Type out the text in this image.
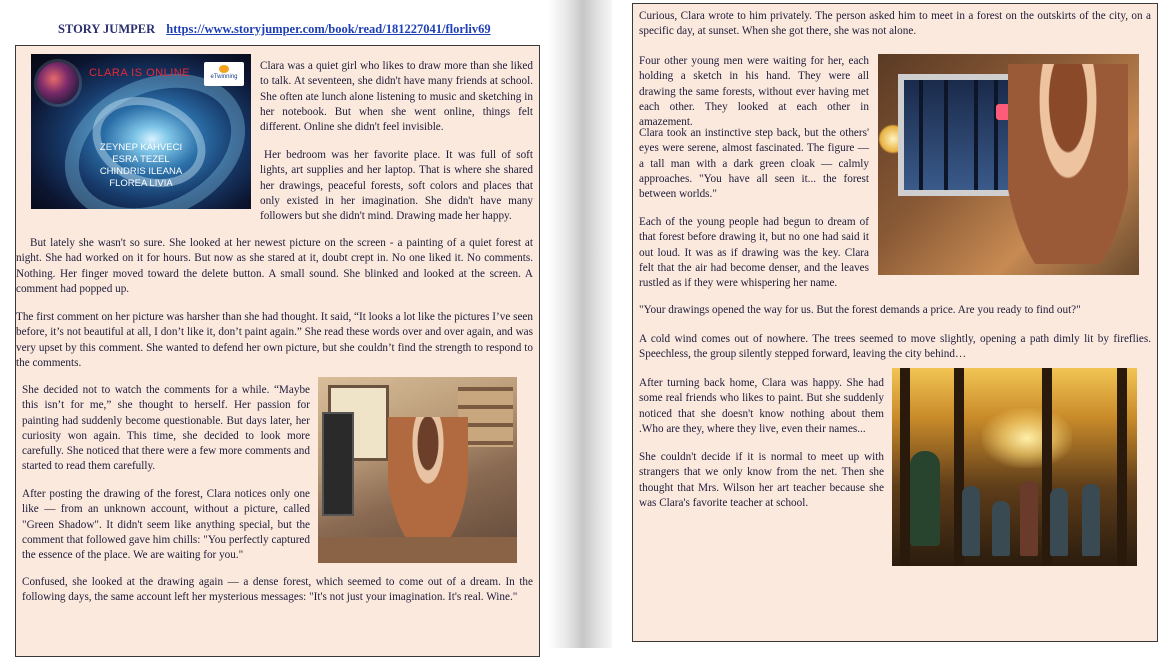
STORY JUMPER https://www.storyjumper.com/book/read/181227041/florliv69
CLARA IS ONLINE	eTwinning
ZEYNEP KAHVECI
ESRA TEZEL
CHINDRIS ILEANA
FLOREA LIVIA

Clara was a quiet girl who likes to draw more than she liked to talk. At seventeen, she didn't have many friends at school. She often ate lunch alone listening to music and sketching in her notebook. But when she went online, things felt different. Online she didn't feel invisible.

Her bedroom was her favorite place. It was full of soft lights, art supplies and her laptop. That is where she shared her drawings, peaceful forests, soft colors and places that only existed in her imagination. She didn't have many followers but she didn't mind. Drawing made her happy.

But lately she wasn't so sure. She looked at her newest picture on the screen - a painting of a quiet forest at night. She had worked on it for hours. But now as she stared at it, doubt crept in. No one liked it. No comments. Nothing. Her finger moved toward the delete button. A small sound. She blinked and looked at the screen. A comment had popped up.

The first comment on her picture was harsher than she had thought. It said, “It looks a lot like the pictures I’ve seen before, it’s not beautiful at all, I don’t like it, don’t paint again.” She read these words over and over again, and was very upset by this comment. She wanted to defend her own picture, but she couldn’t find the strength to respond to the comments.

She decided not to watch the comments for a while. “Maybe this isn’t for me,” she thought to herself. Her passion for painting had suddenly become questionable. But days later, her curiosity won again. This time, she decided to look more carefully. She noticed that there were a few more comments and started to read them carefully.

After posting the drawing of the forest, Clara notices only one like — from an unknown account, without a picture, called "Green Shadow". It didn't seem like anything special, but the comment that followed gave him chills: "You perfectly captured the essence of the place. We are waiting for you."

Confused, she looked at the drawing again — a dense forest, which seemed to come out of a dream. In the following days, the same account left her mysterious messages: "It's not just your imagination. It's real. Wine."

Curious, Clara wrote to him privately. The person asked him to meet in a forest on the outskirts of the city, on a specific day, at sunset. When she got there, she was not alone.

Four other young men were waiting for her, each holding a sketch in his hand. They were all drawing the same forests, without ever having met each other. They looked at each other in amazement.

Clara took an instinctive step back, but the others' eyes were serene, almost fascinated. The figure — a tall man with a dark green cloak — calmly approaches. "You have all seen it... the forest between worlds."

Each of the young people had begun to dream of that forest before drawing it, but no one had said it out loud. It was as if drawing was the key. Clara felt that the air had become denser, and the leaves rustled as if they were whispering her name.

"Your drawings opened the way for us. But the forest demands a price. Are you ready to find out?"

A cold wind comes out of nowhere. The trees seemed to move slightly, opening a path dimly lit by fireflies. Speechless, the group silently stepped forward, leaving the city behind…

After turning back home, Clara was happy. She had some real friends who likes to paint. But she suddenly noticed that she doesn't know nothing about them .Who are they, where they live, even their names...

She couldn't decide if it is normal to meet up with strangers that we only know from the net. Then she thought that Mrs. Wilson her art teacher because she was Clara's favorite teacher at school.
